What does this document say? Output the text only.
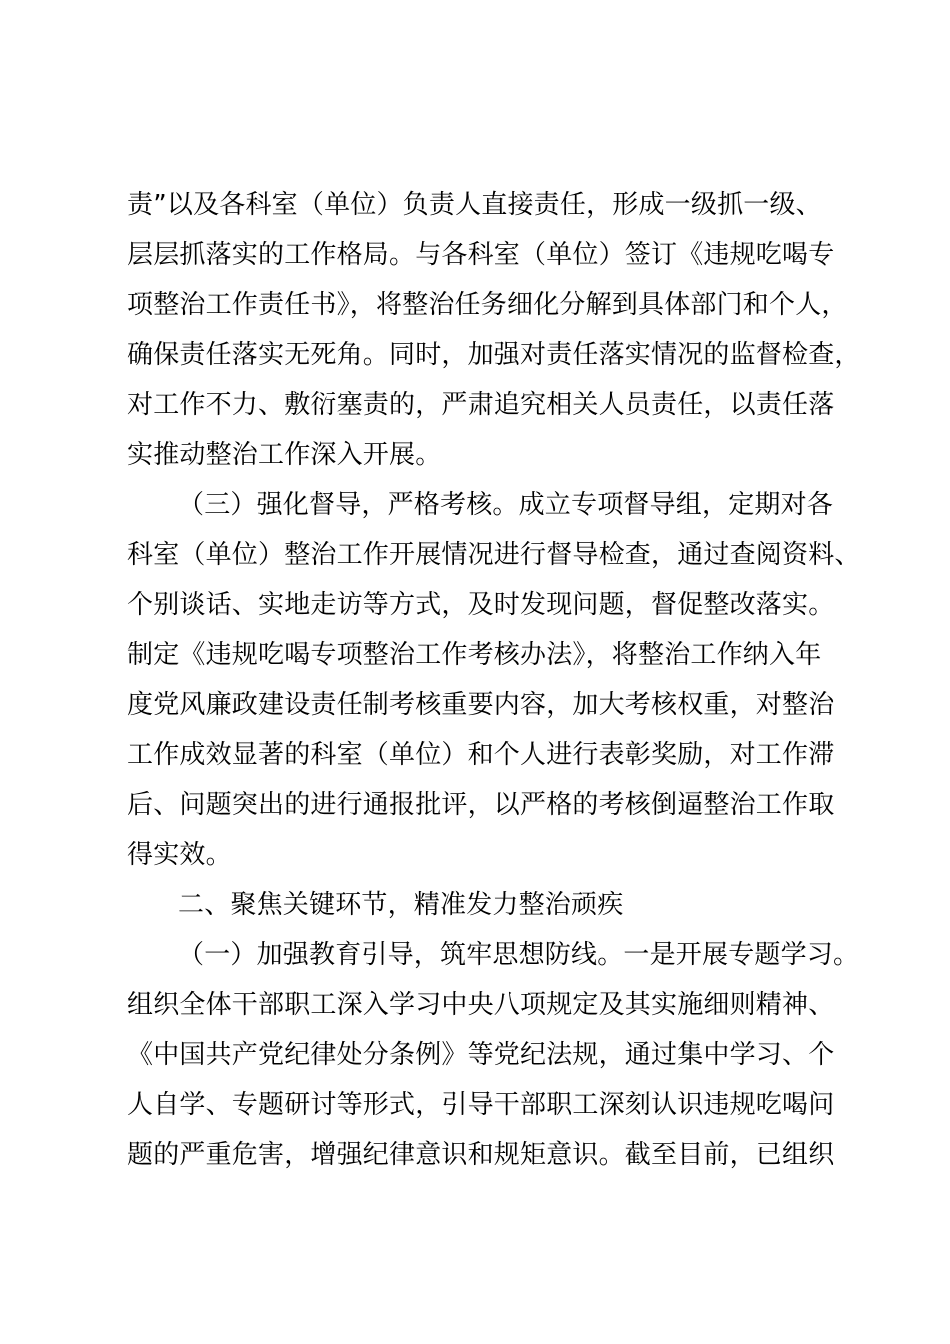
责”以及各科室（单位）负责人直接责任，形成一级抓一级、
层层抓落实的工作格局。与各科室（单位）签订《违规吃喝专
项整治工作责任书》，将整治任务细化分解到具体部门和个人，
确保责任落实无死角。同时，加强对责任落实情况的监督检查，
对工作不力、敷衍塞责的，严肃追究相关人员责任，以责任落
实推动整治工作深入开展。
（三）强化督导，严格考核。成立专项督导组，定期对各
科室（单位）整治工作开展情况进行督导检查，通过查阅资料、
个别谈话、实地走访等方式，及时发现问题，督促整改落实。
制定《违规吃喝专项整治工作考核办法》，将整治工作纳入年
度党风廉政建设责任制考核重要内容，加大考核权重，对整治
工作成效显著的科室（单位）和个人进行表彰奖励，对工作滞
后、问题突出的进行通报批评，以严格的考核倒逼整治工作取
得实效。
二、聚焦关键环节，精准发力整治顽疾
（一）加强教育引导，筑牢思想防线。一是开展专题学习。
组织全体干部职工深入学习中央八项规定及其实施细则精神、
《中国共产党纪律处分条例》等党纪法规，通过集中学习、个
人自学、专题研讨等形式，引导干部职工深刻认识违规吃喝问
题的严重危害，增强纪律意识和规矩意识。截至目前，已组织
